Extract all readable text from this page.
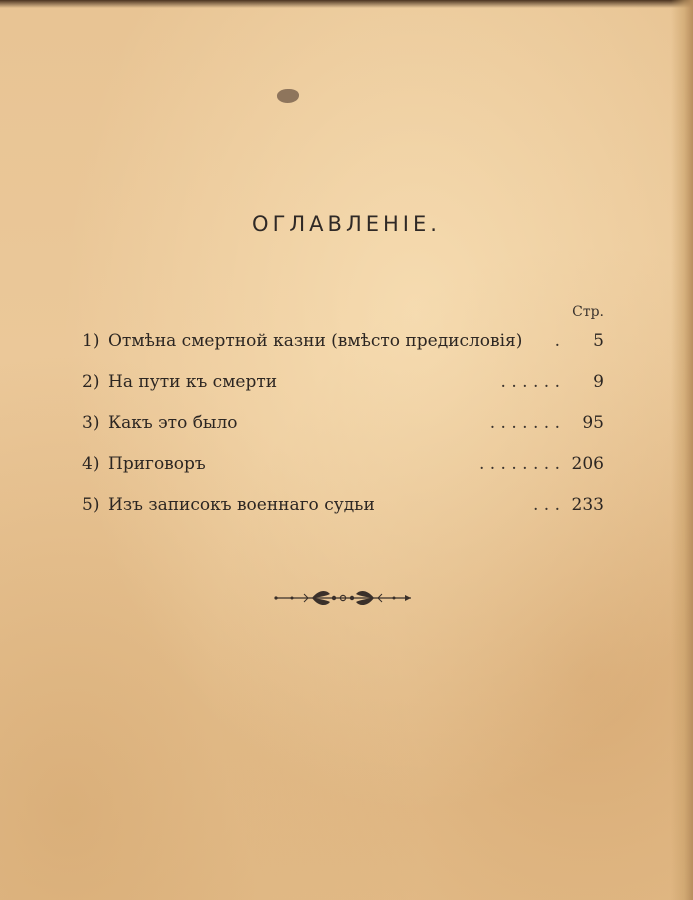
ОГЛАВЛЕНІЕ.
Стр.
1) Отмѣна смертной казни (вмѣсто предисловія) . 5
2) На пути къ смерти	. . . . . . 9
3) Какъ это было	. . . . . . . 95
4) Приговоръ	. . . . . . . . 206
5) Изъ записокъ военнаго судьи	. . . 233
